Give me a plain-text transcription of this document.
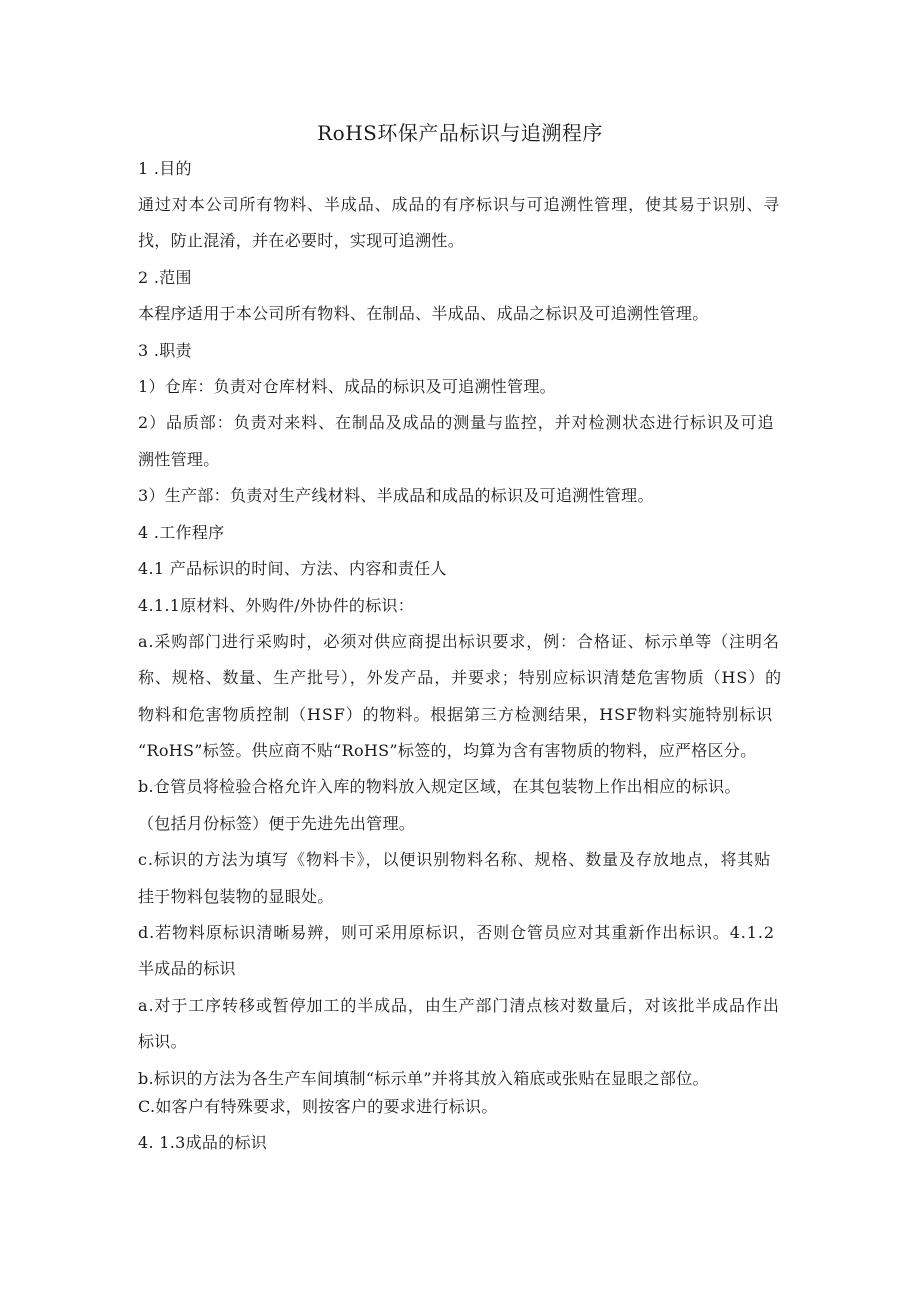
RoHS环保产品标识与追溯程序
1 .目的
通过对本公司所有物料、半成品、成品的有序标识与可追溯性管理，使其易于识别、寻
找，防止混淆，并在必要时，实现可追溯性。
2 .范围
本程序适用于本公司所有物料、在制品、半成品、成品之标识及可追溯性管理。
3 .职责
1）仓库：负责对仓库材料、成品的标识及可追溯性管理。
2）品质部：负责对来料、在制品及成品的测量与监控，并对检测状态进行标识及可追
溯性管理。
3）生产部：负责对生产线材料、半成品和成品的标识及可追溯性管理。
4 .工作程序
4.1 产品标识的时间、方法、内容和责任人
4.1.1原材料、外购件/外协件的标识：
a.采购部门进行采购时，必须对供应商提出标识要求，例：合格证、标示单等（注明名
称、规格、数量、生产批号），外发产品，并要求；特别应标识清楚危害物质（HS）的
物料和危害物质控制（HSF）的物料。根据第三方检测结果，HSF物料实施特别标识
“RoHS”标签。供应商不贴“RoHS”标签的，均算为含有害物质的物料，应严格区分。
b.仓管员将检验合格允许入库的物料放入规定区域，在其包装物上作出相应的标识。
（包括月份标签）便于先进先出管理。
c.标识的方法为填写《物料卡》，以便识别物料名称、规格、数量及存放地点，将其贴
挂于物料包装物的显眼处。
d.若物料原标识清晰易辨，则可采用原标识，否则仓管员应对其重新作出标识。4.1.2
半成品的标识
a.对于工序转移或暂停加工的半成品，由生产部门清点核对数量后，对该批半成品作出
标识。
b.标识的方法为各生产车间填制“标示单”并将其放入箱底或张贴在显眼之部位。
C.如客户有特殊要求，则按客户的要求进行标识。
4. 1.3成品的标识
